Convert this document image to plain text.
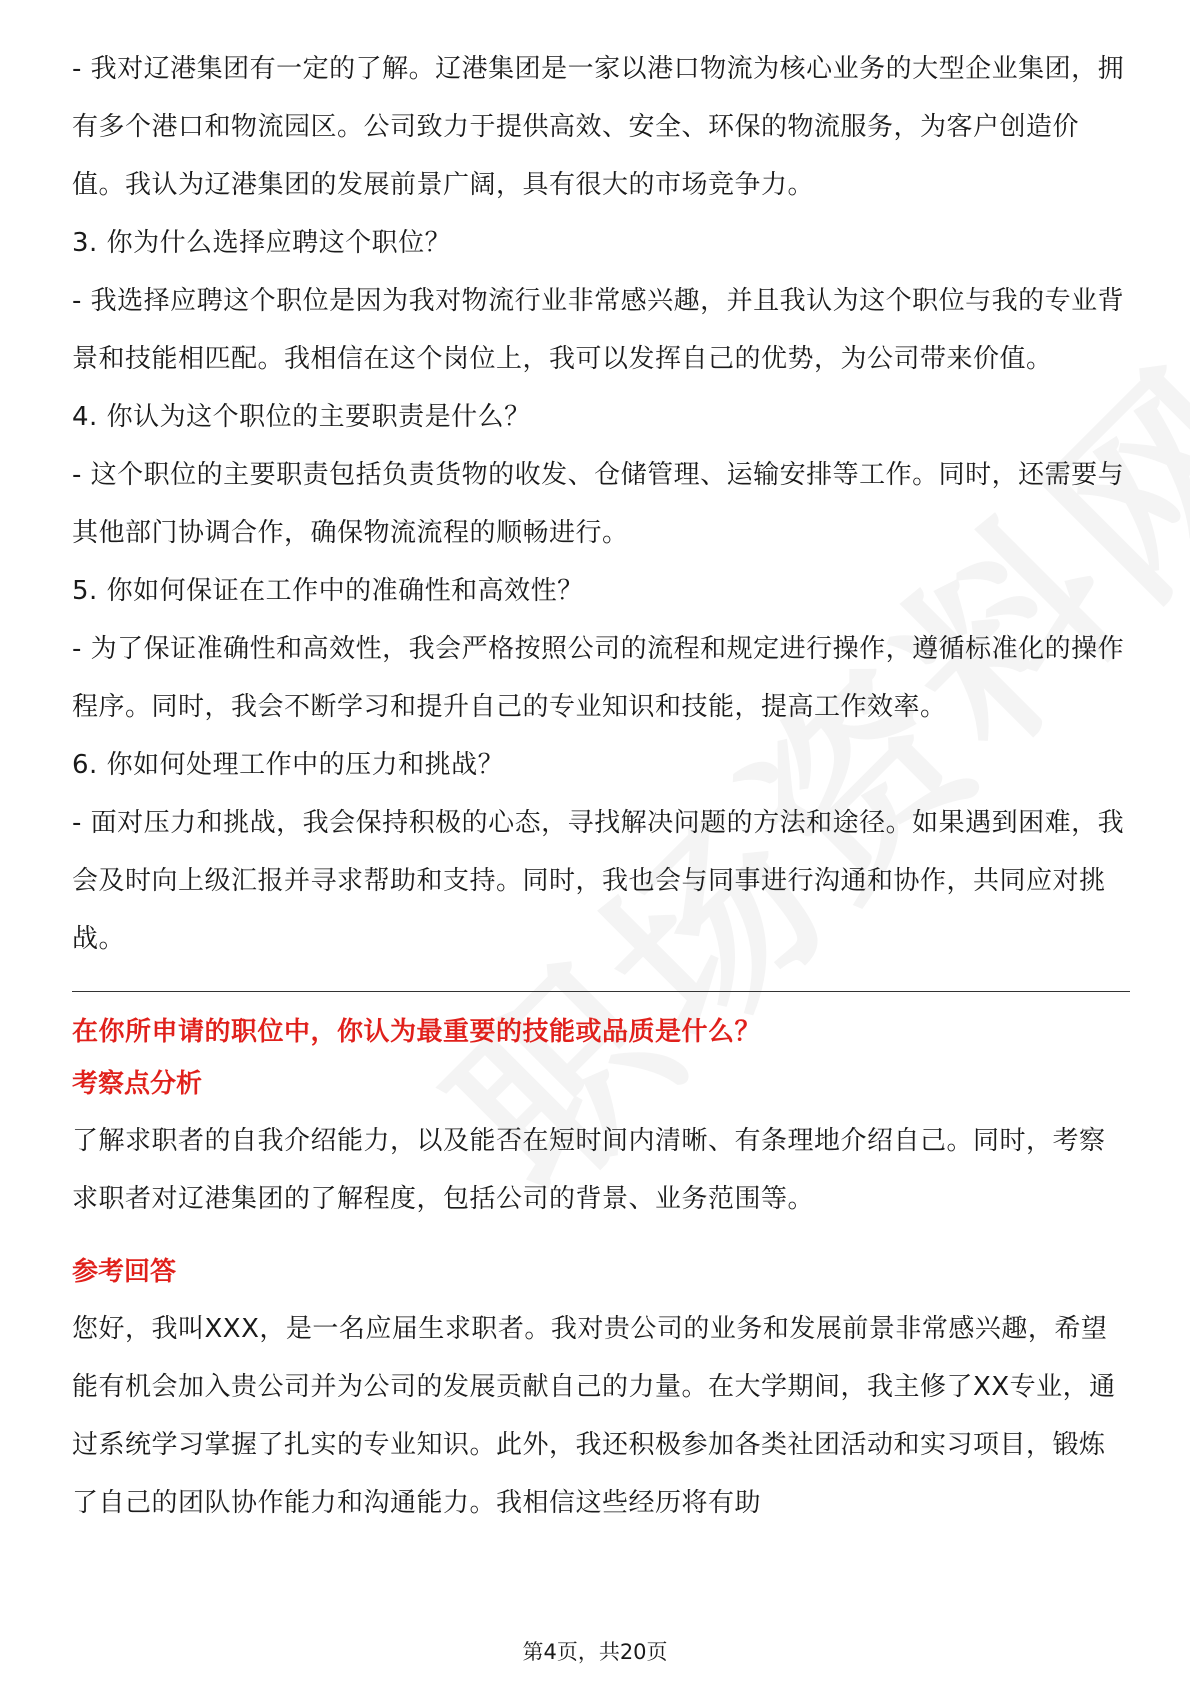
- 我对辽港集团有一定的了解。辽港集团是一家以港口物流为核心业务的大型企业集团，拥有多个港口和物流园区。公司致力于提供高效、安全、环保的物流服务，为客户创造价值。我认为辽港集团的发展前景广阔，具有很大的市场竞争力。

3. 你为什么选择应聘这个职位？

- 我选择应聘这个职位是因为我对物流行业非常感兴趣，并且我认为这个职位与我的专业背景和技能相匹配。我相信在这个岗位上，我可以发挥自己的优势，为公司带来价值。

4. 你认为这个职位的主要职责是什么？

- 这个职位的主要职责包括负责货物的收发、仓储管理、运输安排等工作。同时，还需要与其他部门协调合作，确保物流流程的顺畅进行。

5. 你如何保证在工作中的准确性和高效性？

- 为了保证准确性和高效性，我会严格按照公司的流程和规定进行操作，遵循标准化的操作程序。同时，我会不断学习和提升自己的专业知识和技能，提高工作效率。

6. 你如何处理工作中的压力和挑战？

- 面对压力和挑战，我会保持积极的心态，寻找解决问题的方法和途径。如果遇到困难，我会及时向上级汇报并寻求帮助和支持。同时，我也会与同事进行沟通和协作，共同应对挑战。

在你所申请的职位中，你认为最重要的技能或品质是什么？

考察点分析

了解求职者的自我介绍能力，以及能否在短时间内清晰、有条理地介绍自己。同时，考察求职者对辽港集团的了解程度，包括公司的背景、业务范围等。

参考回答

您好，我叫XXX，是一名应届生求职者。我对贵公司的业务和发展前景非常感兴趣，希望能有机会加入贵公司并为公司的发展贡献自己的力量。在大学期间，我主修了XX专业，通过系统学习掌握了扎实的专业知识。此外，我还积极参加各类社团活动和实习项目，锻炼了自己的团队协作能力和沟通能力。我相信这些经历将有助

第4页，共20页
